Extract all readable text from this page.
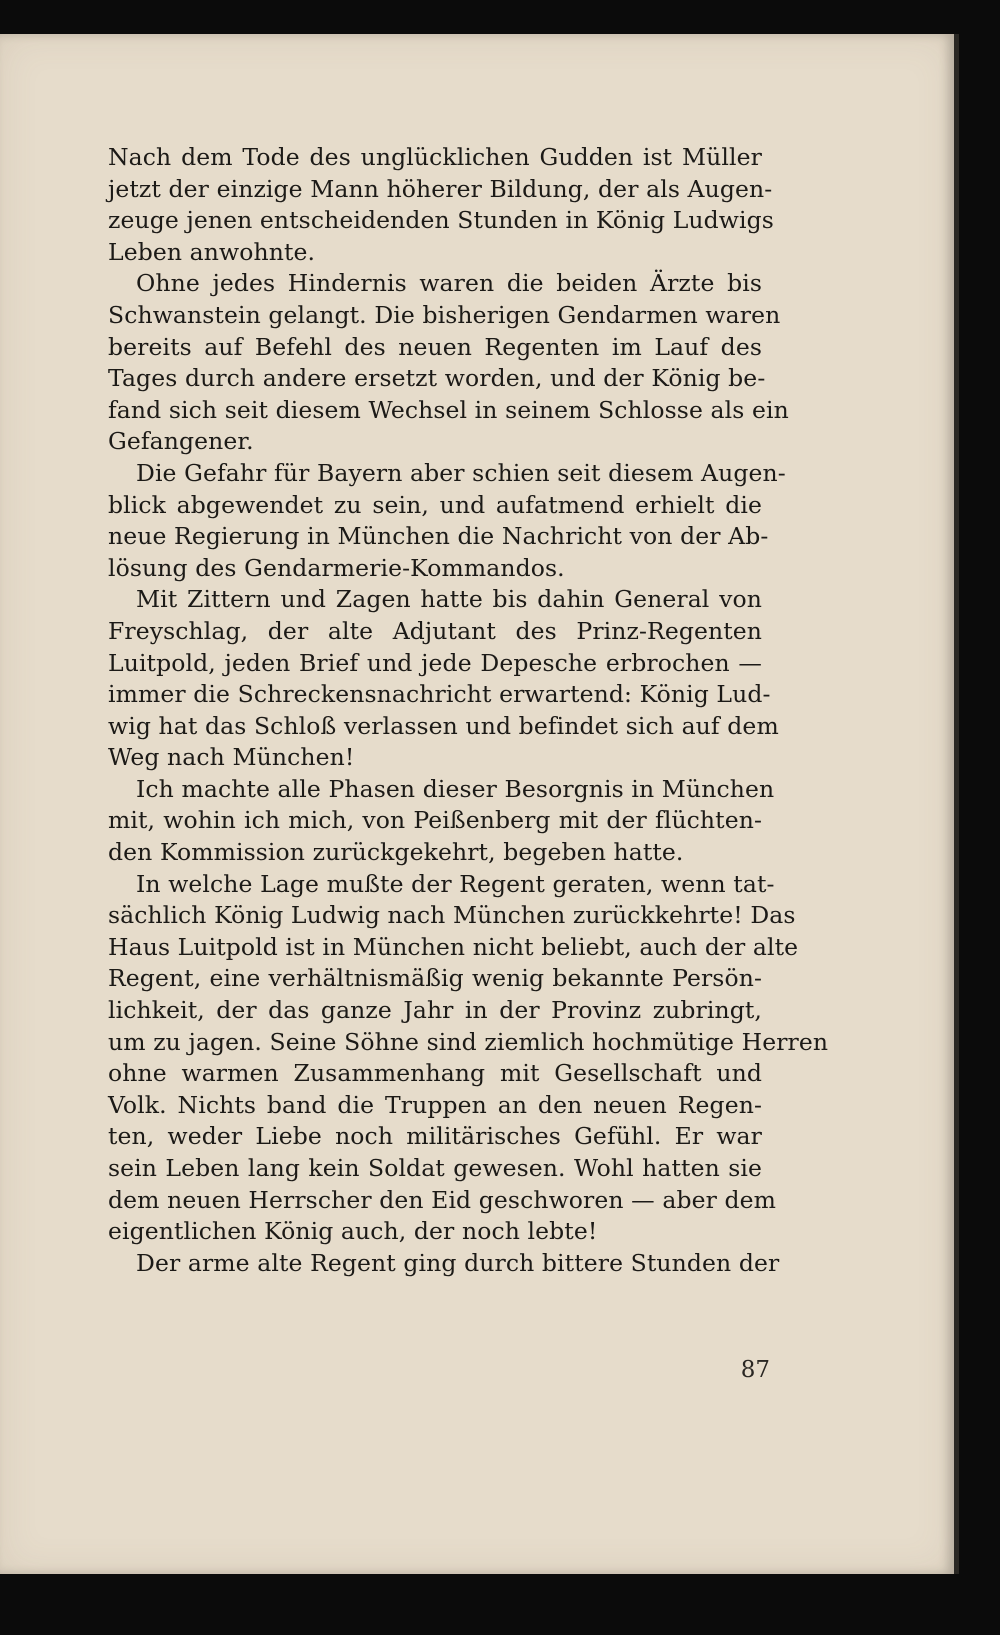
Nach dem Tode des unglücklichen Gudden ist Müller
jetzt der einzige Mann höherer Bildung, der als Augen-
zeuge jenen entscheidenden Stunden in König Ludwigs
Leben anwohnte.
Ohne jedes Hindernis waren die beiden Ärzte bis
Schwanstein gelangt. Die bisherigen Gendarmen waren
bereits auf Befehl des neuen Regenten im Lauf des
Tages durch andere ersetzt worden, und der König be-
fand sich seit diesem Wechsel in seinem Schlosse als ein
Gefangener.
Die Gefahr für Bayern aber schien seit diesem Augen-
blick abgewendet zu sein, und aufatmend erhielt die
neue Regierung in München die Nachricht von der Ab-
lösung des Gendarmerie-Kommandos.
Mit Zittern und Zagen hatte bis dahin General von
Freyschlag, der alte Adjutant des Prinz-Regenten
Luitpold, jeden Brief und jede Depesche erbrochen —
immer die Schreckensnachricht erwartend: König Lud-
wig hat das Schloß verlassen und befindet sich auf dem
Weg nach München!
Ich machte alle Phasen dieser Besorgnis in München
mit, wohin ich mich, von Peißenberg mit der flüchten-
den Kommission zurückgekehrt, begeben hatte.
In welche Lage mußte der Regent geraten, wenn tat-
sächlich König Ludwig nach München zurückkehrte! Das
Haus Luitpold ist in München nicht beliebt, auch der alte
Regent, eine verhältnismäßig wenig bekannte Persön-
lichkeit, der das ganze Jahr in der Provinz zubringt,
um zu jagen. Seine Söhne sind ziemlich hochmütige Herren
ohne warmen Zusammenhang mit Gesellschaft und
Volk. Nichts band die Truppen an den neuen Regen-
ten, weder Liebe noch militärisches Gefühl. Er war
sein Leben lang kein Soldat gewesen. Wohl hatten sie
dem neuen Herrscher den Eid geschworen — aber dem
eigentlichen König auch, der noch lebte!
Der arme alte Regent ging durch bittere Stunden der
87
